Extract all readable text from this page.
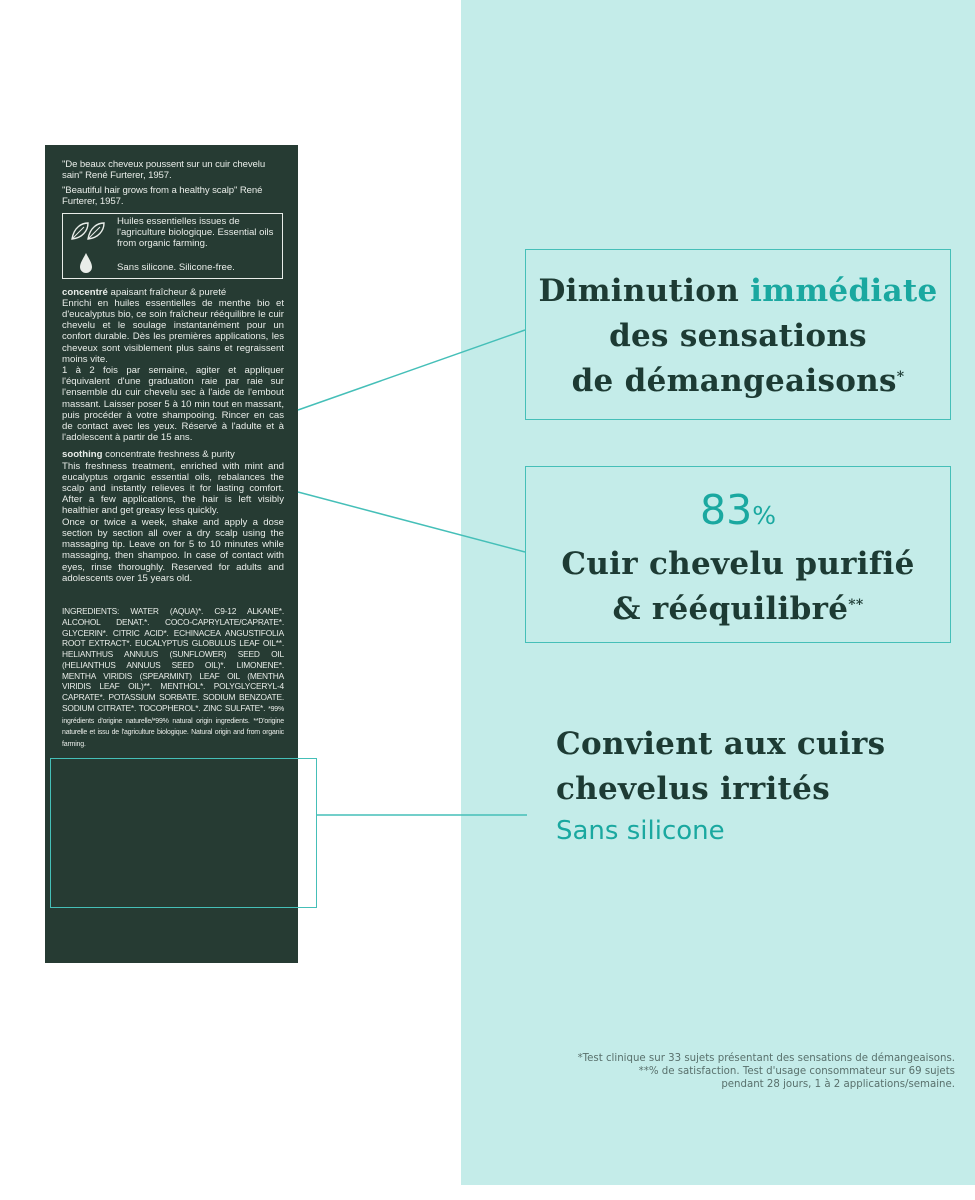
"De beaux cheveux poussent sur un cuir chevelu sain" René Furterer, 1957.

"Beautiful hair grows from a healthy scalp" René Furterer, 1957.

Huiles essentielles issues de l'agriculture biologique. Essential oils from organic farming.
Sans silicone. Silicone-free.

concentré apaisant fraîcheur & pureté
Enrichi en huiles essentielles de menthe bio et d'eucalyptus bio, ce soin fraîcheur rééquilibre le cuir chevelu et le soulage instantanément pour un confort durable. Dès les premières applications, les cheveux sont visiblement plus sains et regraissent moins vite.

1 à 2 fois par semaine, agiter et appliquer l'équivalent d'une graduation raie par raie sur l'ensemble du cuir chevelu sec à l'aide de l'embout massant. Laisser poser 5 à 10 min tout en massant, puis procéder à votre shampooing. Rincer en cas de contact avec les yeux. Réservé à l'adulte et à l'adolescent à partir de 15 ans.

soothing concentrate freshness & purity
This freshness treatment, enriched with mint and eucalyptus organic essential oils, rebalances the scalp and instantly relieves it for lasting comfort. After a few applications, the hair is left visibly healthier and get greasy less quickly.

Once or twice a week, shake and apply a dose section by section all over a dry scalp using the massaging tip. Leave on for 5 to 10 minutes while massaging, then shampoo. In case of contact with eyes, rinse thoroughly. Reserved for adults and adolescents over 15 years old.

INGREDIENTS: WATER (AQUA)*. C9-12 ALKANE*. ALCOHOL DENAT.*. COCO-CAPRYLATE/CAPRATE*. GLYCERIN*. CITRIC ACID*. ECHINACEA ANGUSTIFOLIA ROOT EXTRACT*. EUCALYPTUS GLOBULUS LEAF OIL**. HELIANTHUS ANNUUS (SUNFLOWER) SEED OIL (HELIANTHUS ANNUUS SEED OIL)*. LIMONENE*. MENTHA VIRIDIS (SPEARMINT) LEAF OIL (MENTHA VIRIDIS LEAF OIL)**. MENTHOL*. POLYGLYCERYL-4 CAPRATE*. POTASSIUM SORBATE. SODIUM BENZOATE. SODIUM CITRATE*. TOCOPHEROL*. ZINC SULFATE*. *99% ingrédients d'origine naturelle/*99% natural origin ingredients. **D'origine naturelle et issu de l'agriculture biologique. Natural origin and from organic farming.

Diminution immédiate
des sensations
de démangeaisons*
83%
Cuir chevelu purifié
& rééquilibré**
Convient aux cuirs
chevelus irrités
Sans silicone
*Test clinique sur 33 sujets présentant des sensations de démangeaisons.
**% de satisfaction. Test d'usage consommateur sur 69 sujets
pendant 28 jours, 1 à 2 applications/semaine.
